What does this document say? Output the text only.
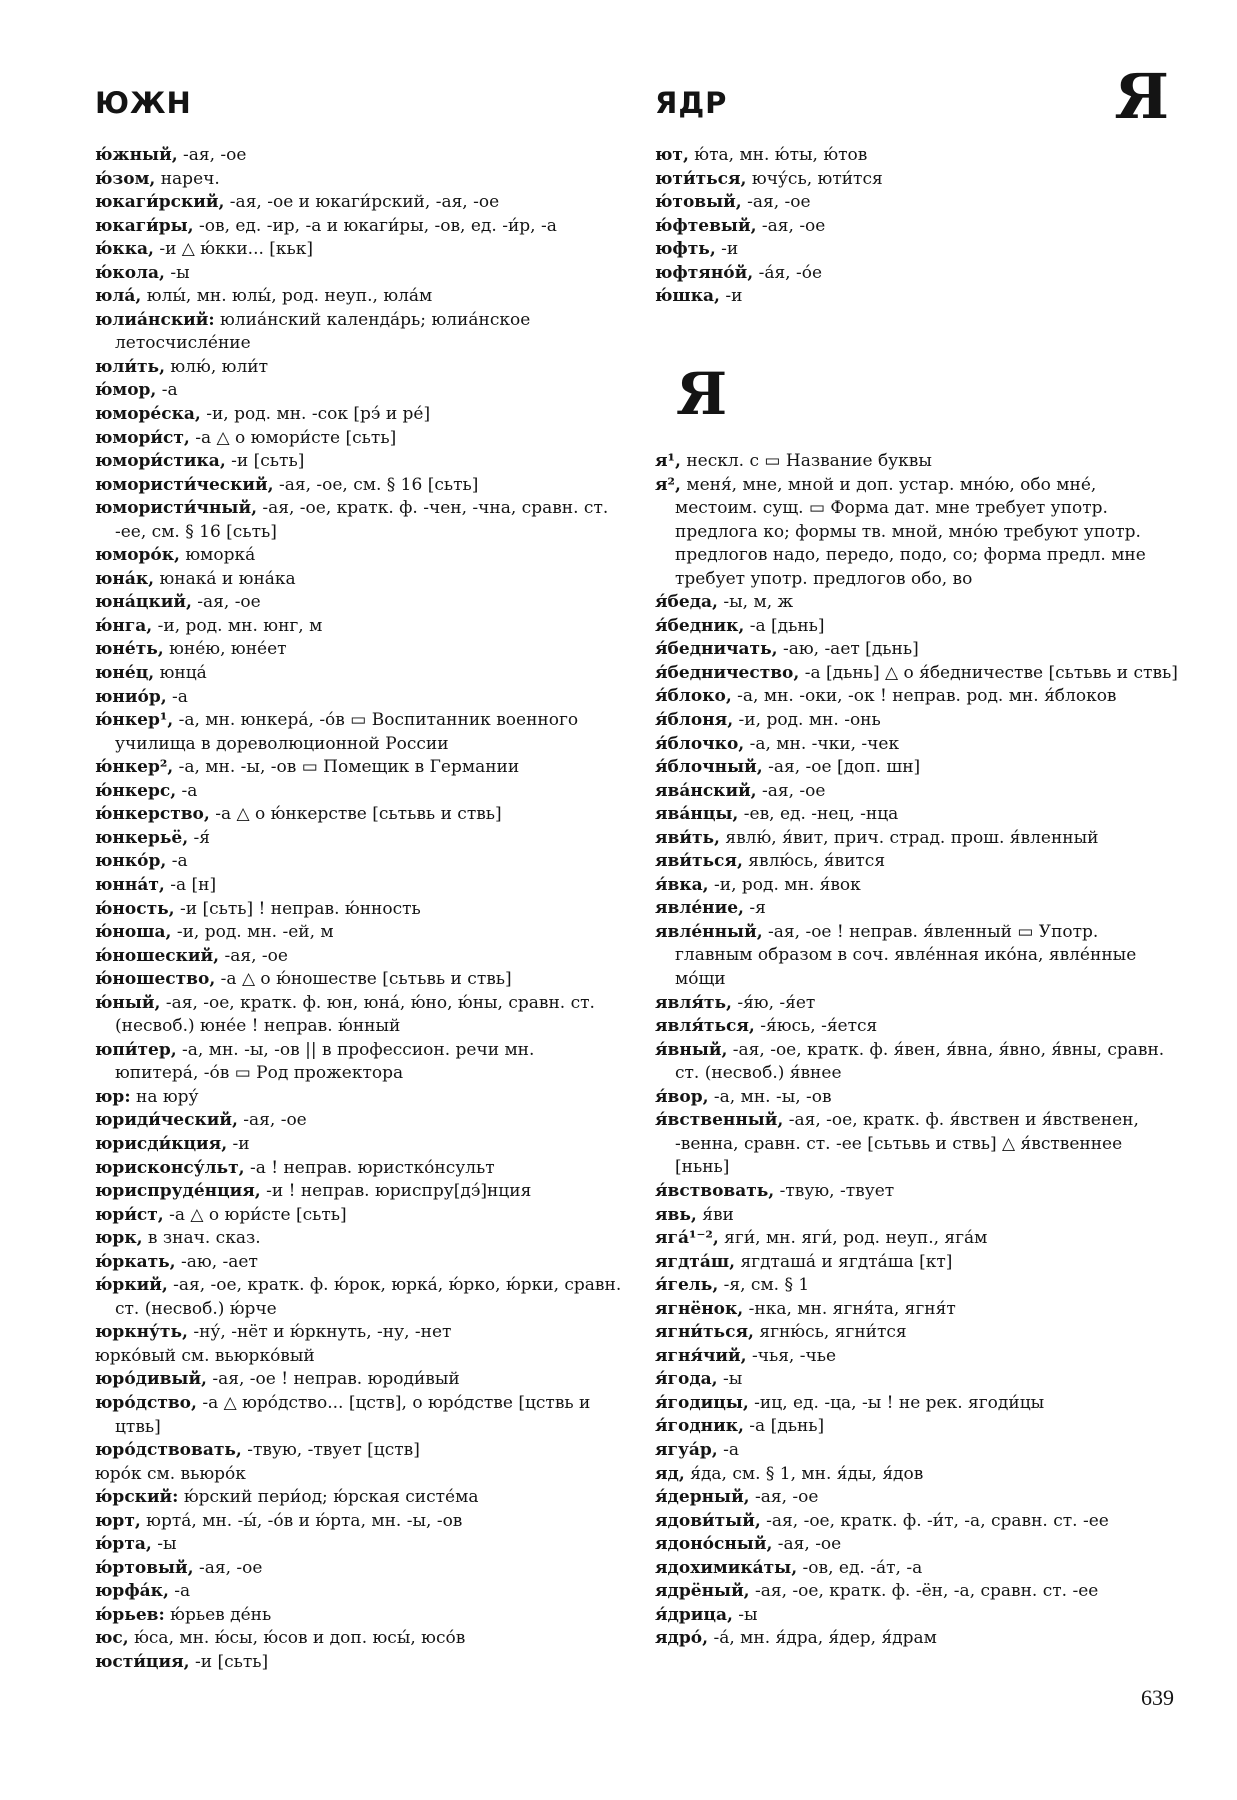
ЮЖН	ЯДР	Я
ю́жный, -ая, -ое
ю́зом, нареч.
юкаги́рский, -ая, -ое и юкаги́рский, -ая, -ое
юкаги́ры, -ов, ед. -ир, -а и юкаги́ры, -ов, ед. -и́р, -а
ю́кка, -и △ ю́кки... [кьк]
ю́кола, -ы
юла́, юлы́, мн. юлы́, род. неуп., юла́м
юлиа́нский: юлиа́нский календа́рь; юлиа́нское летосчисле́ние
юли́ть, юлю́, юли́т
ю́мор, -а
юморе́ска, -и, род. мн. -сок [рэ́ и ре́]
юмори́ст, -а △ о юмори́сте [сьть]
юмори́стика, -и [сьть]
юмористи́ческий, -ая, -ое, см. § 16 [сьть]
юмористи́чный, -ая, -ое, кратк. ф. -чен, -чна, сравн. ст. -ее, см. § 16 [сьть]
юморо́к, юморка́
юна́к, юнака́ и юна́ка
юна́цкий, -ая, -ое
ю́нга, -и, род. мн. юнг, м
юне́ть, юне́ю, юне́ет
юне́ц, юнца́
юнио́р, -а
ю́нкер¹, -а, мн. юнкера́, -о́в ▭ Воспитанник военного училища в дореволюционной России
ю́нкер², -а, мн. -ы, -ов ▭ Помещик в Германии
ю́нкерс, -а
ю́нкерство, -а △ о ю́нкерстве [сьтьвь и ствь]
юнкерьё, -я́
юнко́р, -а
юнна́т, -а [н]
ю́ность, -и [сьть] ! неправ. ю́нность
ю́ноша, -и, род. мн. -ей, м
ю́ношеский, -ая, -ое
ю́ношество, -а △ о ю́ношестве [сьтьвь и ствь]
ю́ный, -ая, -ое, кратк. ф. юн, юна́, ю́но, ю́ны, сравн. ст. (несвоб.) юне́е ! неправ. ю́нный
юпи́тер, -а, мн. -ы, -ов || в профессион. речи мн. юпитера́, -о́в ▭ Род прожектора
юр: на юру́
юриди́ческий, -ая, -ое
юрисди́кция, -и
юрисконсу́льт, -а ! неправ. юристко́нсульт
юриспруде́нция, -и ! неправ. юриспру[дэ́]нция
юри́ст, -а △ о юри́сте [сьть]
юрк, в знач. сказ.
ю́ркать, -аю, -ает
ю́ркий, -ая, -ое, кратк. ф. ю́рок, юрка́, ю́рко, ю́рки, сравн. ст. (несвоб.) ю́рче
юркну́ть, -ну́, -нёт и ю́ркнуть, -ну, -нет
юрко́вый см. вьюрко́вый
юро́дивый, -ая, -ое ! неправ. юроди́вый
юро́дство, -а △ юро́дство... [цств], о юро́дстве [цствь и цтвь]
юро́дствовать, -твую, -твует [цств]
юро́к см. вьюро́к
ю́рский: ю́рский пери́од; ю́рская систе́ма
юрт, юрта́, мн. -ы́, -о́в и ю́рта, мн. -ы, -ов
ю́рта, -ы
ю́ртовый, -ая, -ое
юрфа́к, -а
ю́рьев: ю́рьев де́нь
юс, ю́са, мн. ю́сы, ю́сов и доп. юсы́, юсо́в
юсти́ция, -и [сьть]
ют, ю́та, мн. ю́ты, ю́тов
юти́ться, ючу́сь, юти́тся
ю́товый, -ая, -ое
ю́фтевый, -ая, -ое
юфть, -и
юфтяно́й, -а́я, -о́е
ю́шка, -и
Я
я¹, нескл. с ▭ Название буквы
я², меня́, мне, мной и доп. устар. мно́ю, обо мне́, местоим. сущ. ▭ Форма дат. мне требует употр. предлога ко; формы тв. мной, мно́ю требуют употр. предлогов надо, передо, подо, со; форма предл. мне требует употр. предлогов обо, во
я́беда, -ы, м, ж
я́бедник, -а [дьнь]
я́бедничать, -аю, -ает [дьнь]
я́бедничество, -а [дьнь] △ о я́бедничестве [сьтьвь и ствь]
я́блоко, -а, мн. -оки, -ок ! неправ. род. мн. я́блоков
я́блоня, -и, род. мн. -онь
я́блочко, -а, мн. -чки, -чек
я́блочный, -ая, -ое [доп. шн]
ява́нский, -ая, -ое
ява́нцы, -ев, ед. -нец, -нца
яви́ть, явлю́, я́вит, прич. страд. прош. я́вленный
яви́ться, явлю́сь, я́вится
я́вка, -и, род. мн. я́вок
явле́ние, -я
явле́нный, -ая, -ое ! неправ. я́вленный ▭ Употр. главным образом в соч. явле́нная ико́на, явле́нные мо́щи
явля́ть, -я́ю, -я́ет
явля́ться, -я́юсь, -я́ется
я́вный, -ая, -ое, кратк. ф. я́вен, я́вна, я́вно, я́вны, сравн. ст. (несвоб.) я́внее
я́вор, -а, мн. -ы, -ов
я́вственный, -ая, -ое, кратк. ф. я́вствен и я́вственен, -венна, сравн. ст. -ее [сьтьвь и ствь] △ я́вственнее [ньнь]
я́вствовать, -твую, -твует
явь, я́ви
яга́¹⁻², яги́, мн. яги́, род. неуп., яга́м
ягдта́ш, ягдташа́ и ягдта́ша [кт]
я́гель, -я, см. § 1
ягнёнок, -нка, мн. ягня́та, ягня́т
ягни́ться, ягню́сь, ягни́тся
ягня́чий, -чья, -чье
я́года, -ы
я́годицы, -иц, ед. -ца, -ы ! не рек. ягоди́цы
я́годник, -а [дьнь]
ягуа́р, -а
яд, я́да, см. § 1, мн. я́ды, я́дов
я́дерный, -ая, -ое
ядови́тый, -ая, -ое, кратк. ф. -и́т, -а, сравн. ст. -ее
ядоно́сный, -ая, -ое
ядохимика́ты, -ов, ед. -а́т, -а
ядрёный, -ая, -ое, кратк. ф. -ён, -а, сравн. ст. -ее
я́дрица, -ы
ядро́, -а́, мн. я́дра, я́дер, я́драм
639
